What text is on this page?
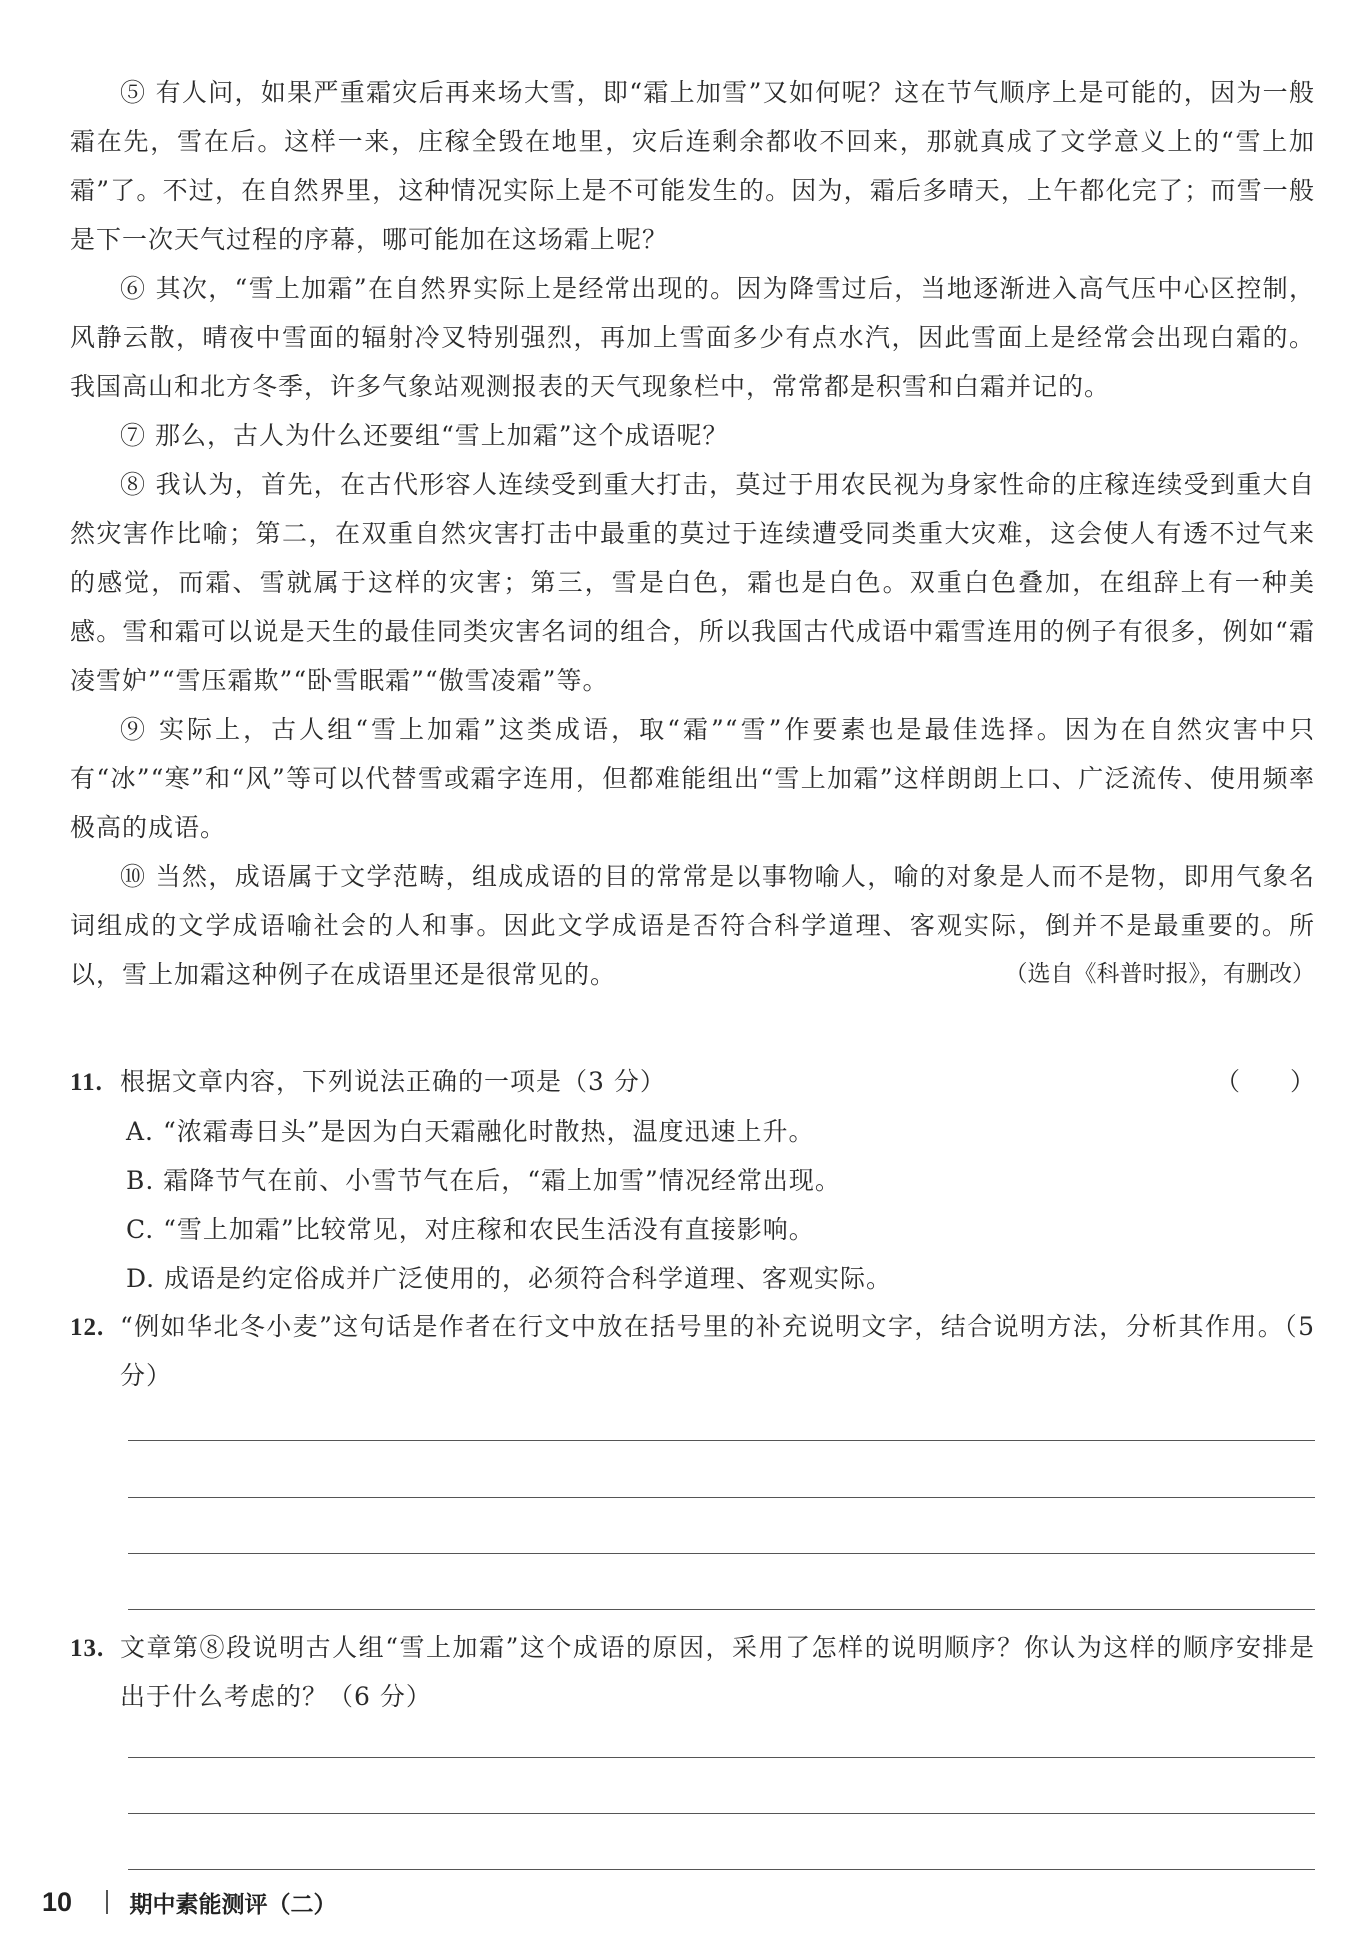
⑤ 有人问，如果严重霜灾后再来场大雪，即“霜上加雪”又如何呢？这在节气顺序上是可能的，因为一般霜在先，雪在后。这样一来，庄稼全毁在地里，灾后连剩余都收不回来，那就真成了文学意义上的“雪上加霜”了。不过，在自然界里，这种情况实际上是不可能发生的。因为，霜后多晴天，上午都化完了；而雪一般是下一次天气过程的序幕，哪可能加在这场霜上呢？

⑥ 其次，“雪上加霜”在自然界实际上是经常出现的。因为降雪过后，当地逐渐进入高气压中心区控制，风静云散，晴夜中雪面的辐射冷叉特别强烈，再加上雪面多少有点水汽，因此雪面上是经常会出现白霜的。我国高山和北方冬季，许多气象站观测报表的天气现象栏中，常常都是积雪和白霜并记的。

⑦ 那么，古人为什么还要组“雪上加霜”这个成语呢？

⑧ 我认为，首先，在古代形容人连续受到重大打击，莫过于用农民视为身家性命的庄稼连续受到重大自然灾害作比喻；第二，在双重自然灾害打击中最重的莫过于连续遭受同类重大灾难，这会使人有透不过气来的感觉，而霜、雪就属于这样的灾害；第三，雪是白色，霜也是白色。双重白色叠加，在组辞上有一种美感。雪和霜可以说是天生的最佳同类灾害名词的组合，所以我国古代成语中霜雪连用的例子有很多，例如“霜凌雪妒”“雪压霜欺”“卧雪眠霜”“傲雪凌霜”等。

⑨ 实际上，古人组“雪上加霜”这类成语，取“霜”“雪”作要素也是最佳选择。因为在自然灾害中只有“冰”“寒”和“风”等可以代替雪或霜字连用，但都难能组出“雪上加霜”这样朗朗上口、广泛流传、使用频率极高的成语。

⑩ 当然，成语属于文学范畴，组成成语的目的常常是以事物喻人，喻的对象是人而不是物，即用气象名词组成的文学成语喻社会的人和事。因此文学成语是否符合科学道理、客观实际，倒并不是最重要的。所以，雪上加霜这种例子在成语里还是很常见的。	（选自《科普时报》，有删改）

11. 根据文章内容，下列说法正确的一项是（3 分）	（　　）
A. “浓霜毒日头”是因为白天霜融化时散热，温度迅速上升。
B. 霜降节气在前、小雪节气在后，“霜上加雪”情况经常出现。
C. “雪上加霜”比较常见，对庄稼和农民生活没有直接影响。
D. 成语是约定俗成并广泛使用的，必须符合科学道理、客观实际。
12. “例如华北冬小麦”这句话是作者在行文中放在括号里的补充说明文字，结合说明方法，分析其作用。（5 分）
13. 文章第⑧段说明古人组“雪上加霜”这个成语的原因，采用了怎样的说明顺序？你认为这样的顺序安排是出于什么考虑的？（6 分）
10	期中素能测评（二）
